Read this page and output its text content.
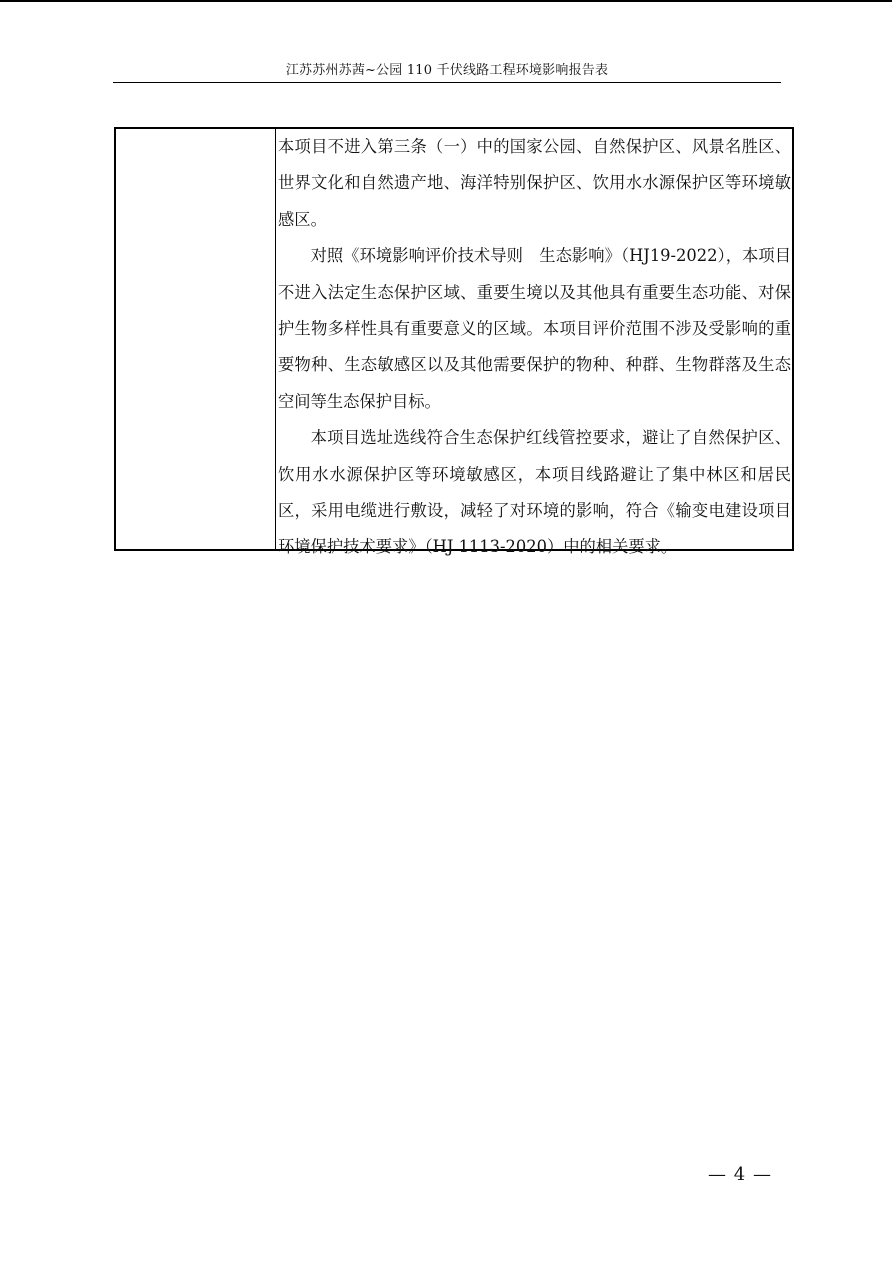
江苏苏州苏茜~公园 110 千伏线路工程环境影响报告表

本项目不进入第三条（一）中的国家公园、自然保护区、风景名胜区、世界文化和自然遗产地、海洋特别保护区、饮用水水源保护区等环境敏感区。

对照《环境影响评价技术导则　生态影响》（HJ19-2022），本项目不进入法定生态保护区域、重要生境以及其他具有重要生态功能、对保护生物多样性具有重要意义的区域。本项目评价范围不涉及受影响的重要物种、生态敏感区以及其他需要保护的物种、种群、生物群落及生态空间等生态保护目标。

本项目选址选线符合生态保护红线管控要求，避让了自然保护区、饮用水水源保护区等环境敏感区，本项目线路避让了集中林区和居民区，采用电缆进行敷设，减轻了对环境的影响，符合《输变电建设项目环境保护技术要求》（HJ 1113-2020）中的相关要求。

— 4 —
